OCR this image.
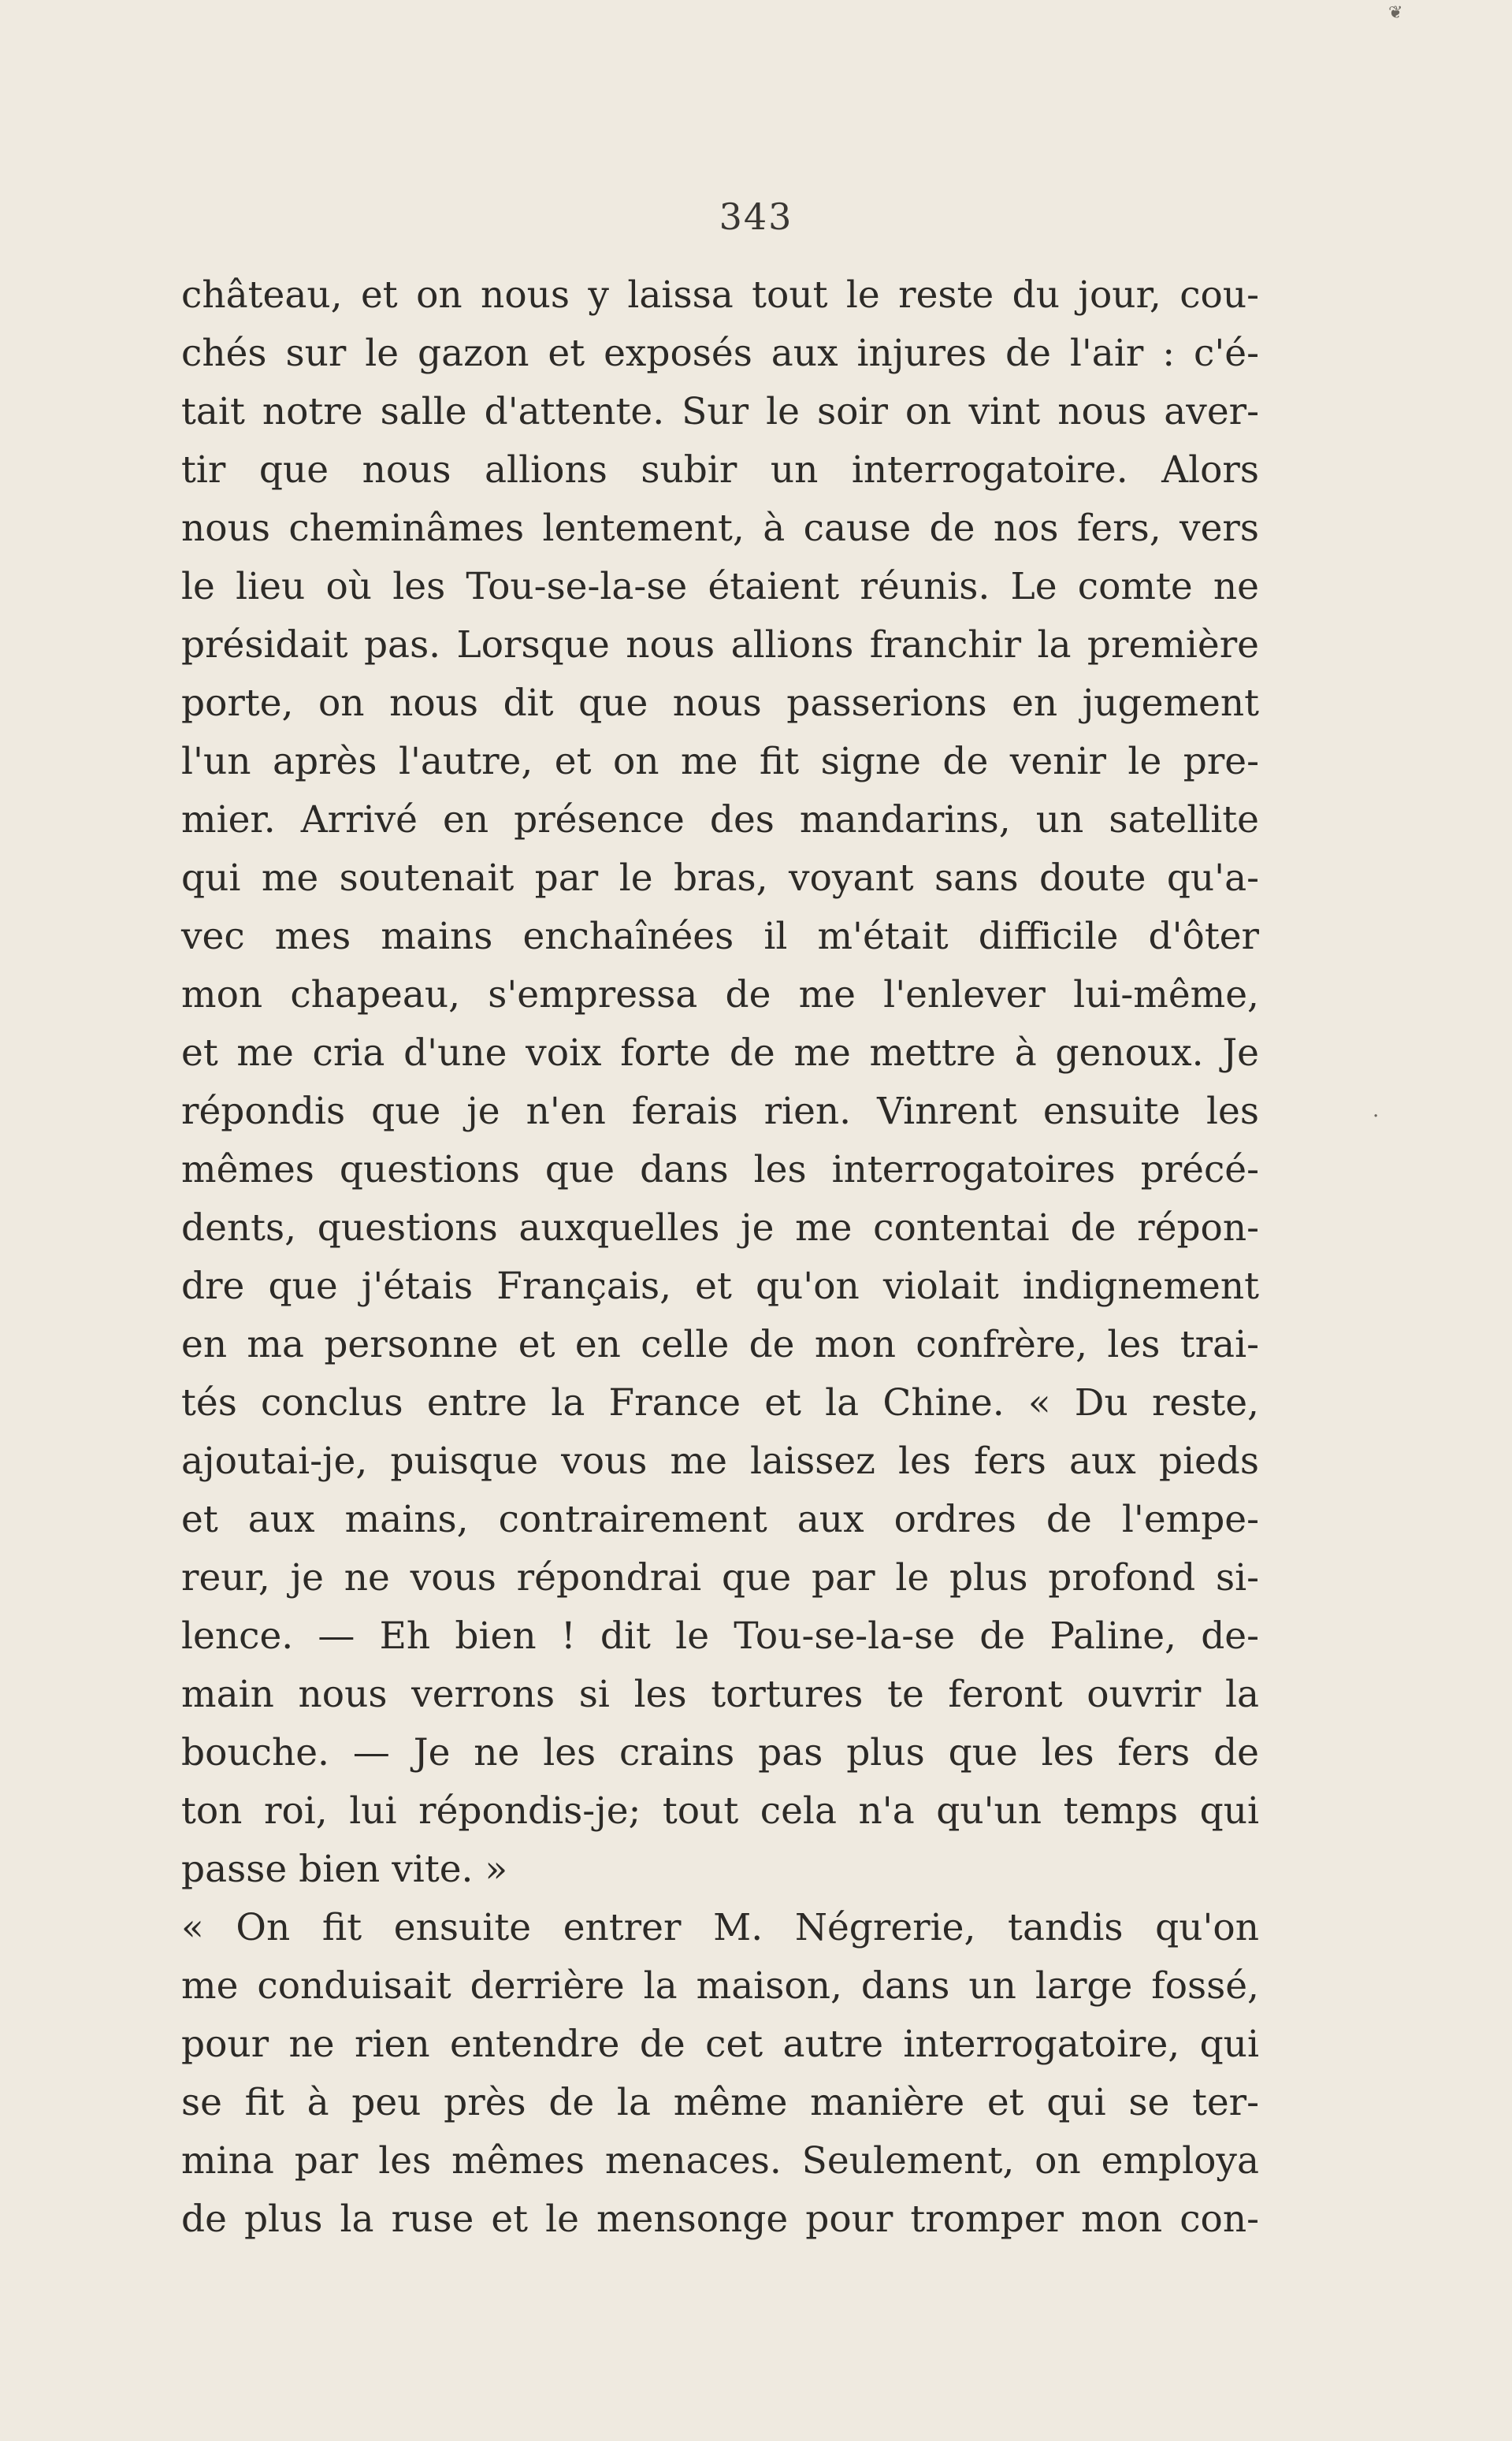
❦
·
343
château, et on nous y laissa tout le reste du jour, cou-
chés sur le gazon et exposés aux injures de l'air : c'é-
tait notre salle d'attente. Sur le soir on vint nous aver-
tir que nous allions subir un interrogatoire. Alors
nous cheminâmes lentement, à cause de nos fers, vers
le lieu où les Tou-se-la-se étaient réunis. Le comte ne
présidait pas. Lorsque nous allions franchir la première
porte, on nous dit que nous passerions en jugement
l'un après l'autre, et on me fit signe de venir le pre-
mier. Arrivé en présence des mandarins, un satellite
qui me soutenait par le bras, voyant sans doute qu'a-
vec mes mains enchaînées il m'était difficile d'ôter
mon chapeau, s'empressa de me l'enlever lui-même,
et me cria d'une voix forte de me mettre à genoux. Je
répondis que je n'en ferais rien. Vinrent ensuite les
mêmes questions que dans les interrogatoires précé-
dents, questions auxquelles je me contentai de répon-
dre que j'étais Français, et qu'on violait indignement
en ma personne et en celle de mon confrère, les trai-
tés conclus entre la France et la Chine. « Du reste,
ajoutai-je, puisque vous me laissez les fers aux pieds
et aux mains, contrairement aux ordres de l'empe-
reur, je ne vous répondrai que par le plus profond si-
lence. — Eh bien ! dit le Tou-se-la-se de Paline, de-
main nous verrons si les tortures te feront ouvrir la
bouche. — Je ne les crains pas plus que les fers de
ton roi, lui répondis-je; tout cela n'a qu'un temps qui
passe bien vite. »
« On fit ensuite entrer M. Négrerie, tandis qu'on
me conduisait derrière la maison, dans un large fossé,
pour ne rien entendre de cet autre interrogatoire, qui
se fit à peu près de la même manière et qui se ter-
mina par les mêmes menaces. Seulement, on employa
de plus la ruse et le mensonge pour tromper mon con-
